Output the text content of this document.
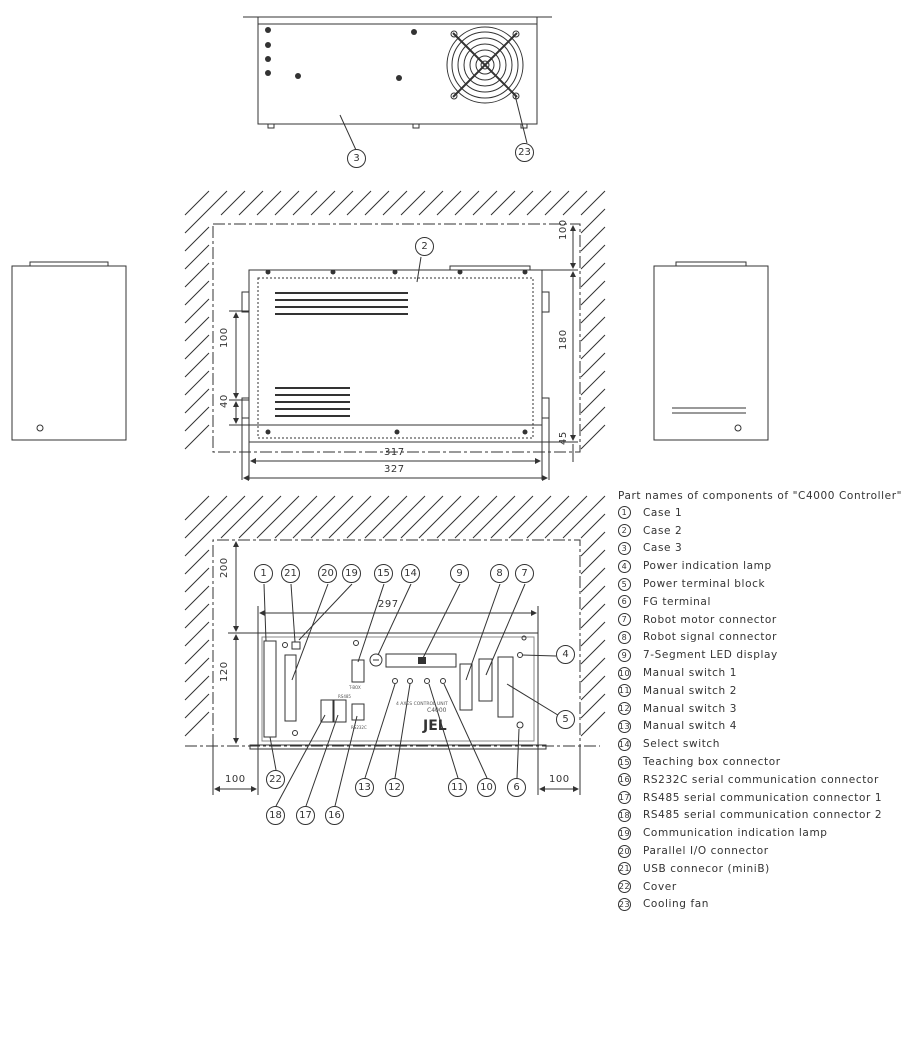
3
23
2
100
180
45
100
40
317
327
200
297
120
100	100
1	21	20	19	15	14	9	8	7
4
5
22
13	12	11	10	6
18	17	16
JEL
C4000
4 AXES CONTROL UNIT
T-BOX
RS485
RS232C
Part names of components of "C4000 Controller"
1	Case 1
2	Case 2
3	Case 3
4	Power indication lamp
5	Power terminal block
6	FG terminal
7	Robot motor connector
8	Robot signal connector
9	7-Segment LED display
10 Manual switch 1
11 Manual switch 2
12 Manual switch 3
13 Manual switch 4
14 Select switch
15 Teaching box connector
16 RS232C serial communication connector
17 RS485 serial communication connector 1
18 RS485 serial communication connector 2
19 Communication indication lamp
20 Parallel I/O connector
21 USB connecor (miniB)
22 Cover
23 Cooling fan
